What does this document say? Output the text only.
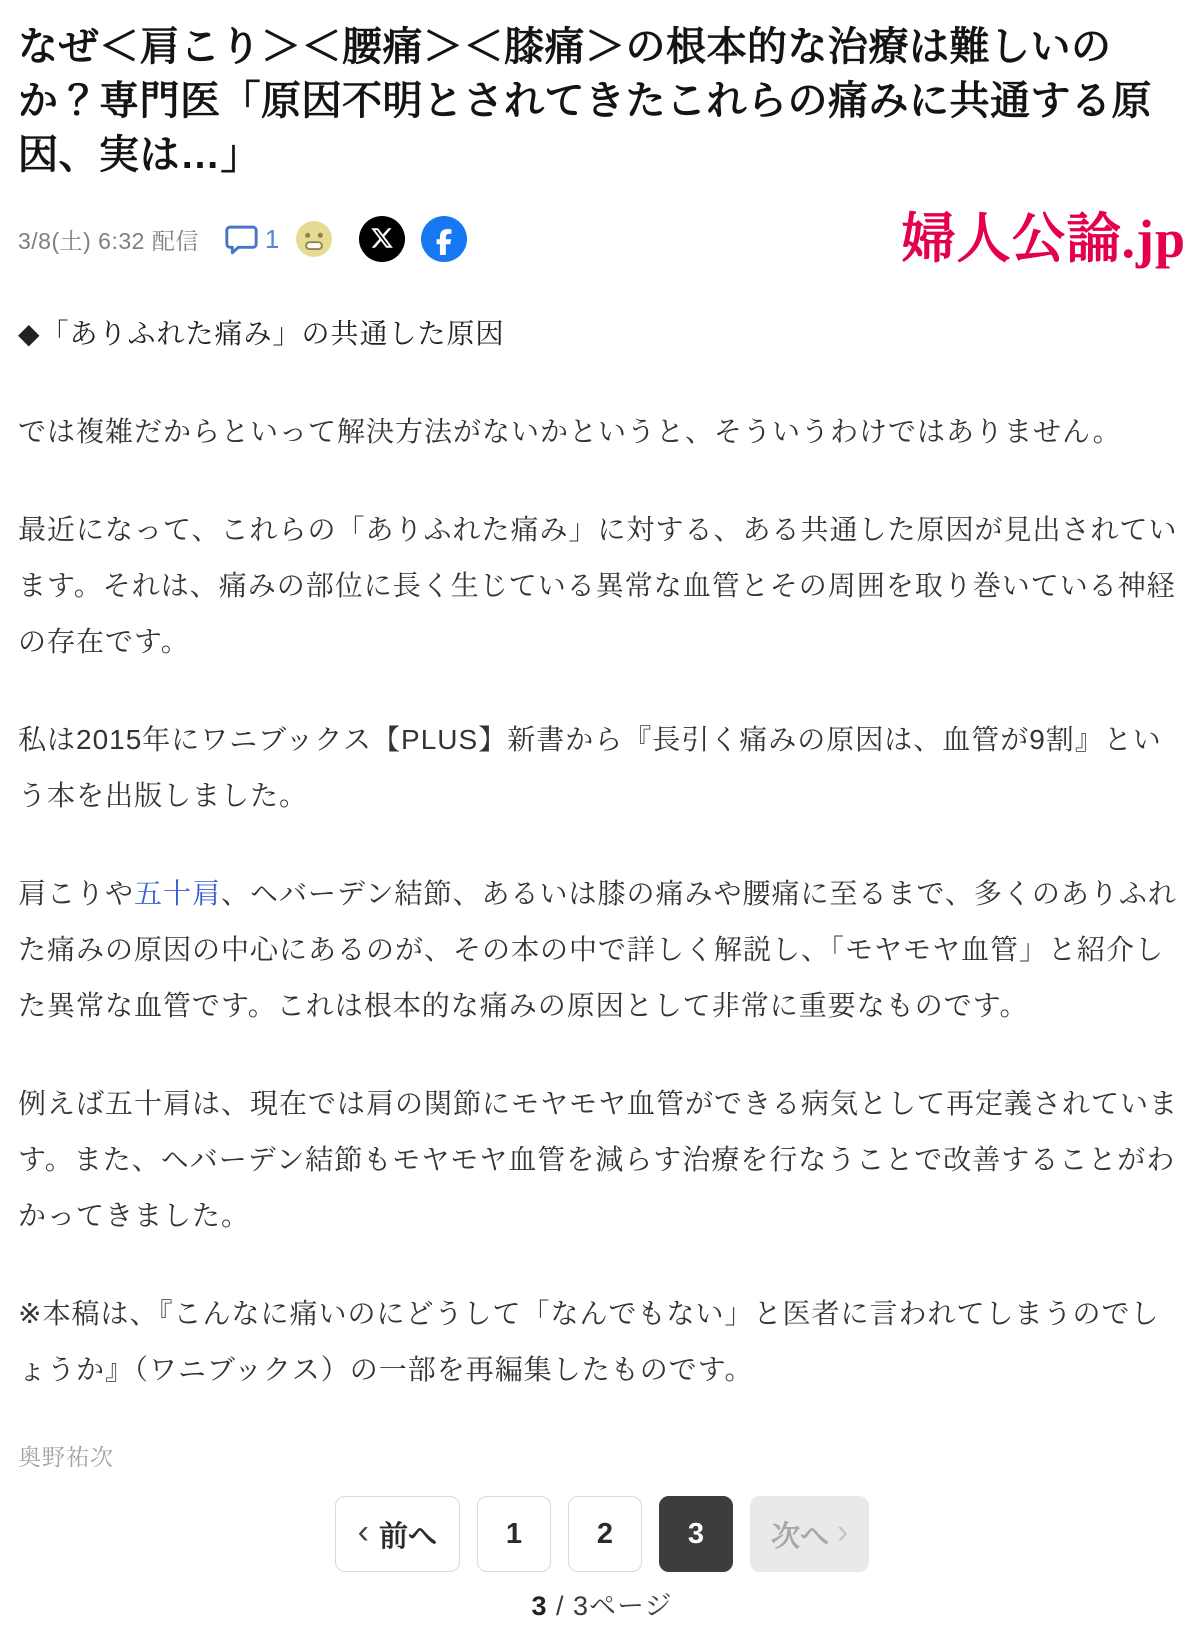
なぜ＜肩こり＞＜腰痛＞＜膝痛＞の根本的な治療は難しいのか？専門医「原因不明とされてきたこれらの痛みに共通する原因、実は…」
3/8(土) 6:32 配信	1	婦人公論.jp
◆「ありふれた痛み」の共通した原因

では複雑だからといって解決方法がないかというと、そういうわけではありません。

最近になって、これらの「ありふれた痛み」に対する、ある共通した原因が見出されています。それは、痛みの部位に長く生じている異常な血管とその周囲を取り巻いている神経の存在です。

私は2015年にワニブックス【PLUS】新書から『長引く痛みの原因は、血管が9割』という本を出版しました。

肩こりや五十肩、ヘバーデン結節、あるいは膝の痛みや腰痛に至るまで、多くのありふれた痛みの原因の中心にあるのが、その本の中で詳しく解説し、「モヤモヤ血管」と紹介した異常な血管です。これは根本的な痛みの原因として非常に重要なものです。

例えば五十肩は、現在では肩の関節にモヤモヤ血管ができる病気として再定義されています。また、ヘバーデン結節もモヤモヤ血管を減らす治療を行なうことで改善することがわかってきました。

※本稿は、『こんなに痛いのにどうして「なんでもない」と医者に言われてしまうのでしょうか』（ワニブックス）の一部を再編集したものです。

奥野祐次
‹ 前へ	1	2	3	次へ ›
3 / 3ページ
